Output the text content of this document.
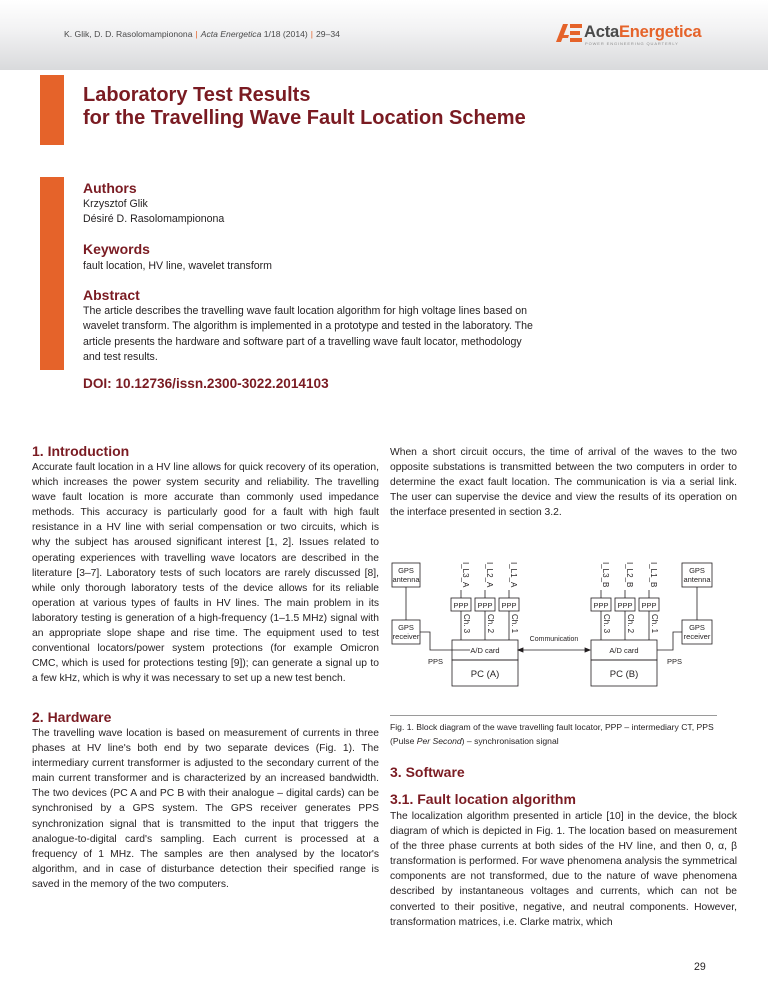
K. Glik, D. D. Rasolomampionona | Acta Energetica 1/18 (2014) | 29–34	ActaEnergetica
POWER ENGINEERING QUARTERLY
Laboratory Test Results
for the Travelling Wave Fault Location Scheme
Authors
Krzysztof Glik
Désiré D. Rasolomampionona
Keywords
fault location, HV line, wavelet transform
Abstract
The article describes the travelling wave fault location algorithm for high voltage lines based on
wavelet transform. The algorithm is implemented in a prototype and tested in the laboratory. The
article presents the hardware and software part of a travelling wave fault locator, methodology
and test results.
DOI: 10.12736/issn.2300-3022.2014103
1. Introduction
Accurate fault location in a HV line allows for quick recovery of its operation, which increases the power system security and reliability. The travelling wave fault location is more accurate than commonly used impedance methods. This accuracy is particularly good for a fault with high fault resistance in a HV line with serial compensation or two circuits, which is why the subject has aroused significant interest [1, 2]. Issues related to operating experiences with travelling wave locators are described in the literature [3–7]. Laboratory tests of such locators are rarely discussed [8], while only thorough laboratory tests of the device allows for its reliable operation at various types of faults in HV lines. The main problem in its laboratory testing is generation of a high-frequency (1–1.5 MHz) signal with an appropriate slope shape and rise time. The equipment used to test conventional locators/power system protections (for example Omicron CMC, which is used for protections testing [9]); can generate a signal up to a few kHz, which is why it was necessary to set up a new test bench.
2. Hardware
The travelling wave location is based on measurement of currents in three phases at HV line's both end by two separate devices (Fig. 1). The intermediary current transformer is adjusted to the secondary current of the main current transformer and is characterized by an increased bandwidth. The two devices (PC A and PC B with their analogue – digital cards) can be synchronised by a GPS system. The GPS receiver generates PPS synchronization signal that is transmitted to the input that triggers the analogue-to-digital card's sampling. Each current is processed at a frequency of 1 MHz. The samples are then analysed by the locator's algorithm, and in case of disturbance detection their specified range is saved in the memory of the two computers.
When a short circuit occurs, the time of arrival of the waves to the two opposite substations is transmitted between the two computers in order to determine the exact fault location. The communication is via a serial link. The user can supervise the device and view the results of its operation on the interface presented in section 3.2.
GPS
antenna
GPS
receiver
PPS
I_L3_A I_L2_A I_L1_A
PPP PPP PPP
Ch. 3 Ch. 2 Ch. 1
A/D card
PC (A)
Communication
I_L3_B I_L2_B I_L1_B
PPP PPP PPP
Ch. 3 Ch. 2 Ch. 1
A/D card
PC (B)
GPS
antenna
GPS
receiver
PPS
Fig. 1. Block diagram of the wave travelling fault locator, PPP – intermediary CT, PPS (Pulse Per Second) – synchronisation signal
3. Software
3.1. Fault location algorithm
The localization algorithm presented in article [10] in the device, the block diagram of which is depicted in Fig. 1. The location based on measurement of the three phase currents at both sides of the HV line, and then 0, α, β transformation is performed. For wave phenomena analysis the symmetrical components are not transformed, due to the nature of wave phenomena described by instantaneous voltages and currents, which can not be converted to their positive, negative, and neutral components. However, transformation matrices, i.e. Clarke matrix, which
29
